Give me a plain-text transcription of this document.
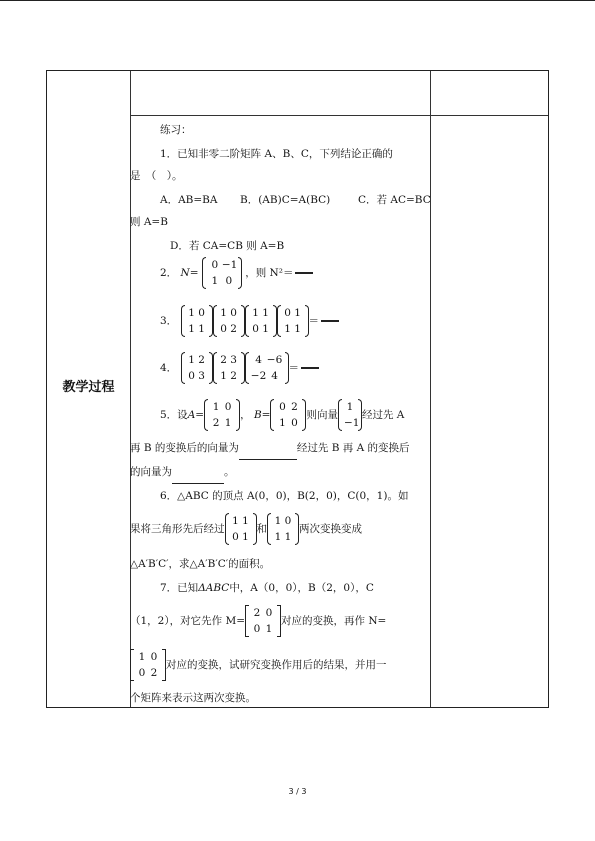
教学过程
练习：
1．已知非零二阶矩阵 A、B、C，下列结论正确的
是　（　）。
A．AB=BA B．(AB)C=A(BC)	C．若 AC=BC
则 A=B
D．若 CA=CB 则 A=B
2． N=
0 −1
1 0
，则 N²＝
3．
1 0
1 1
1 0
0 2
1 1
0 1
0 1
1 1
＝
4．
1 2
0 3
2 3
1 2
4 −6
−2 4
＝
5．设A=
1 0
2 1
， B=
0 2
1 0
则向量
1
−1
经过先 A
再 B 的变换后的向量为	经过先 B 再 A 的变换后
的向量为	。
6．△ABC 的顶点 A(0，0)，B(2，0)，C(0，1)。如
果将三角形先后经过
1 1
0 1
和
1 0
1 1
两次变换变成
△A′B′C′，求△A′B′C′的面积。
7．已知ΔABC中，A（0，0），B（2，0），C
（1，2），对它先作 M=
2 0
0 1
对应的变换，再作 N=
1 0
0 2
对应的变换，试研究变换作用后的结果，并用一
个矩阵来表示这两次变换。
3 / 3
